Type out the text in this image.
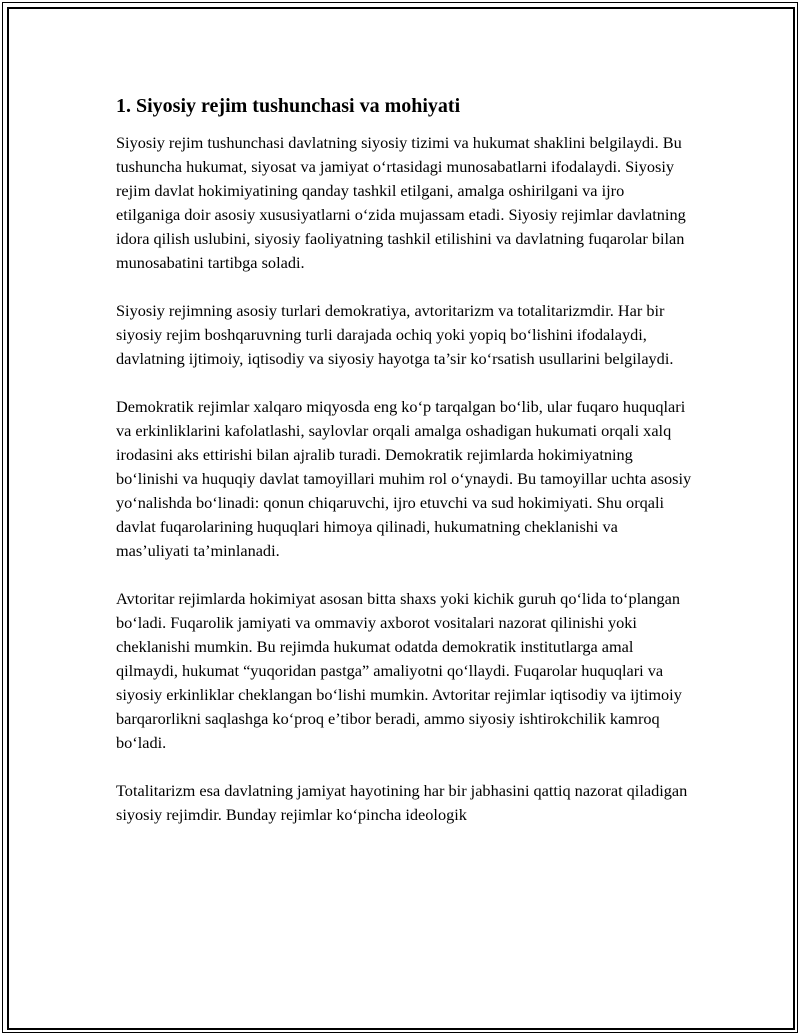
1. Siyosiy rejim tushunchasi va mohiyati

Siyosiy rejim tushunchasi davlatning siyosiy tizimi va hukumat shaklini belgilaydi. Bu tushuncha hukumat, siyosat va jamiyat o‘rtasidagi munosabatlarni ifodalaydi. Siyosiy rejim davlat hokimiyatining qanday tashkil etilgani, amalga oshirilgani va ijro etilganiga doir asosiy xususiyatlarni o‘zida mujassam etadi. Siyosiy rejimlar davlatning idora qilish uslubini, siyosiy faoliyatning tashkil etilishini va davlatning fuqarolar bilan munosabatini tartibga soladi.

Siyosiy rejimning asosiy turlari demokratiya, avtoritarizm va totalitarizmdir. Har bir siyosiy rejim boshqaruvning turli darajada ochiq yoki yopiq bo‘lishini ifodalaydi, davlatning ijtimoiy, iqtisodiy va siyosiy hayotga ta’sir ko‘rsatish usullarini belgilaydi.

Demokratik rejimlar xalqaro miqyosda eng ko‘p tarqalgan bo‘lib, ular fuqaro huquqlari va erkinliklarini kafolatlashi, saylovlar orqali amalga oshadigan hukumati orqali xalq irodasini aks ettirishi bilan ajralib turadi. Demokratik rejimlarda hokimiyatning bo‘linishi va huquqiy davlat tamoyillari muhim rol o‘ynaydi. Bu tamoyillar uchta asosiy yo‘nalishda bo‘linadi: qonun chiqaruvchi, ijro etuvchi va sud hokimiyati. Shu orqali davlat fuqarolarining huquqlari himoya qilinadi, hukumatning cheklanishi va mas’uliyati ta’minlanadi.

Avtoritar rejimlarda hokimiyat asosan bitta shaxs yoki kichik guruh qo‘lida to‘plangan bo‘ladi. Fuqarolik jamiyati va ommaviy axborot vositalari nazorat qilinishi yoki cheklanishi mumkin. Bu rejimda hukumat odatda demokratik institutlarga amal qilmaydi, hukumat “yuqoridan pastga” amaliyotni qo‘llaydi. Fuqarolar huquqlari va siyosiy erkinliklar cheklangan bo‘lishi mumkin. Avtoritar rejimlar iqtisodiy va ijtimoiy barqarorlikni saqlashga ko‘proq e’tibor beradi, ammo siyosiy ishtirokchilik kamroq bo‘ladi.

Totalitarizm esa davlatning jamiyat hayotining har bir jabhasini qattiq nazorat qiladigan siyosiy rejimdir. Bunday rejimlar ko‘pincha ideologik
